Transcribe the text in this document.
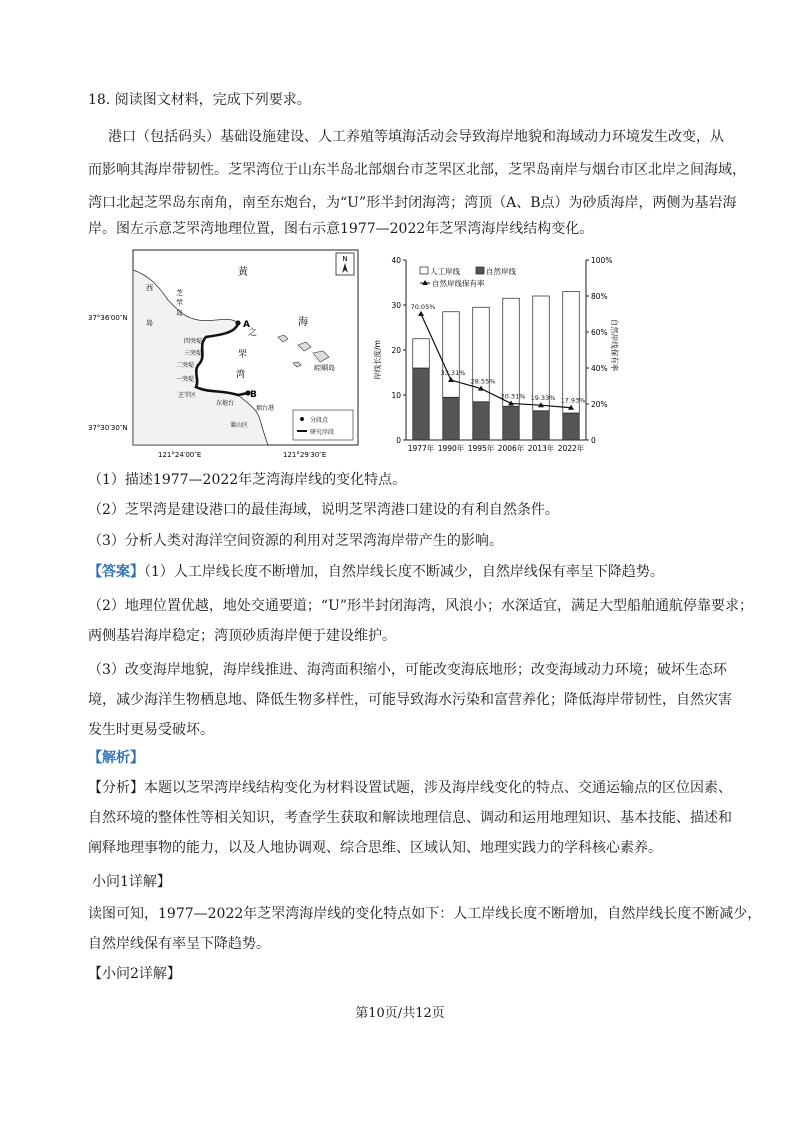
18. 阅读图文材料，完成下列要求。
港口（包括码头）基础设施建设、人工养殖等填海活动会导致海岸地貌和海域动力环境发生改变，从
而影响其海岸带韧性。芝罘湾位于山东半岛北部烟台市芝罘区北部，芝罘岛南岸与烟台市区北岸之间海域，
湾口北起芝罘岛东南角，南至东炮台，为“U”形半封闭海湾；湾顶（A、B点）为砂质海岸，两侧为基岩海
岸。图左示意芝罘湾地理位置，图右示意1977—2022年芝罘湾海岸线结构变化。
N
黄
海
之
罘
湾
芝
罘
岛
西
岛	A
B
四突堤
三突堤
二突堤
一突堤
芝罘区
东炮台
烟台港
莱山区
崆峒岛
分段点
研究岸段
37°36′00″N
37°30′30″N
121°24′00″E	121°29′30″E
0
10
20
30
40
0
20%
40%
60%
80%
100%
1977年 1990年 1995年 2006年 2013年 2022年
70.05%
33.31%
28.55%
20.31% 19.33% 17.93%
人工岸线	自然岸线
自然岸线保有率
岸线长度/m	自然岸线保有率
（1）描述1977—2022年芝湾海岸线的变化特点。
（2）芝罘湾是建设港口的最佳海域，说明芝罘湾港口建设的有利自然条件。
（3）分析人类对海洋空间资源的利用对芝罘湾海岸带产生的影响。
【答案】（1）人工岸线长度不断增加，自然岸线长度不断减少，自然岸线保有率呈下降趋势。
（2）地理位置优越，地处交通要道；“U”形半封闭海湾，风浪小；水深适宜，满足大型船舶通航停靠要求；
两侧基岩海岸稳定；湾顶砂质海岸便于建设维护。
（3）改变海岸地貌，海岸线推进、海湾面积缩小，可能改变海底地形；改变海域动力环境；破坏生态环
境，减少海洋生物栖息地、降低生物多样性，可能导致海水污染和富营养化；降低海岸带韧性，自然灾害
发生时更易受破坏。
【解析】
【分析】本题以芝罘湾岸线结构变化为材料设置试题，涉及海岸线变化的特点、交通运输点的区位因素、
自然环境的整体性等相关知识，考查学生获取和解读地理信息、调动和运用地理知识、基本技能、描述和
阐释地理事物的能力，以及人地协调观、综合思维、区域认知、地理实践力的学科核心素养。
小问1详解】
读图可知，1977—2022年芝罘湾海岸线的变化特点如下：人工岸线长度不断增加，自然岸线长度不断减少，
自然岸线保有率呈下降趋势。
【小问2详解】
第10页/共12页
